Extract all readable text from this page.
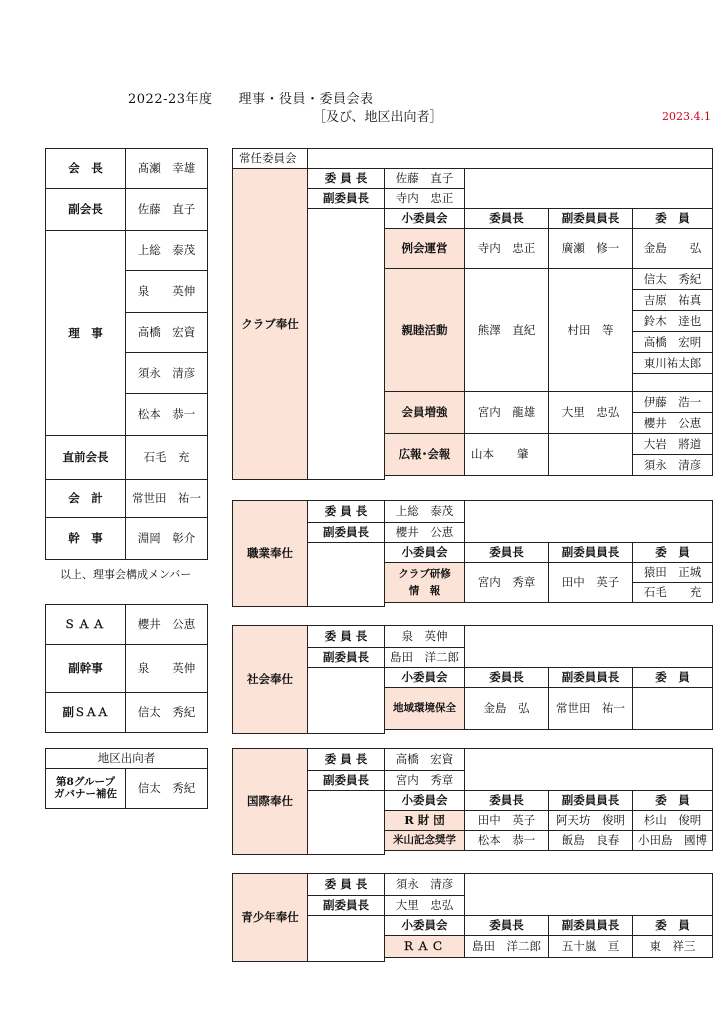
2022-23年度 理事・役員・委員会表
［及び、地区出向者］	2023.4.1
会　長	髙瀬　幸雄
副会長	佐藤　直子
理　事	上総　泰茂
	泉　　英伸
	高橋　宏資
	須永　清彦
	松本　恭一
直前会長	石毛　充
会　計	常世田　祐一
幹　事	淵岡　彰介
以上、理事会構成メンバー
ＳＡＡ	櫻井　公恵
副幹事	泉　　英伸
副ＳＡＡ	信太　秀紀
地区出向者
第8グループ
ガバナー補佐	信太　秀紀
常任委員会					
クラブ奉仕	委 員 長	佐藤　直子			
	副委員長	寺内　忠正			
		小委員会	委員長	副委員員長	委　員
		例会運営	寺内　忠正	廣瀬　修一	金島　　弘
		親睦活動	熊澤　直紀	村田　等	信太　秀紀
					吉原　祐真
					鈴木　逹也
					高橋　宏明
					東川祐太郎

		会員増強	宮内　龍雄	大里　忠弘	伊藤　浩一
					櫻井　公恵
		広報･会報	山本　　肇		大岩　將道
					須永　清彦

職業奉仕	委 員 長	上総　泰茂			
	副委員長	櫻井　公恵			
		小委員会	委員長	副委員員長	委　員
		クラブ研修
情　報	宮内　秀章	田中　英子	猿田　正城
					石毛　　充

社会奉仕	委 員 長	泉　英伸			
	副委員長	島田　洋二郎			
		小委員会	委員長	副委員員長	委　員
		地域環境保全	金島　弘	常世田　祐一	

国際奉仕	委 員 長	高橋　宏資			
	副委員長	宮内　秀章			
		小委員会	委員長	副委員員長	委　員
		R 財 団	田中　英子	阿天坊　俊明	杉山　俊明
		米山記念奨学	松本　恭一	飯島　良春	小田島　國博

青少年奉仕	委 員 長	須永　清彦			
	副委員長	大里　忠弘			
		小委員会	委員長	副委員員長	委　員
		ＲＡＣ	島田　洋二郎	五十嵐　亘	東　祥三
